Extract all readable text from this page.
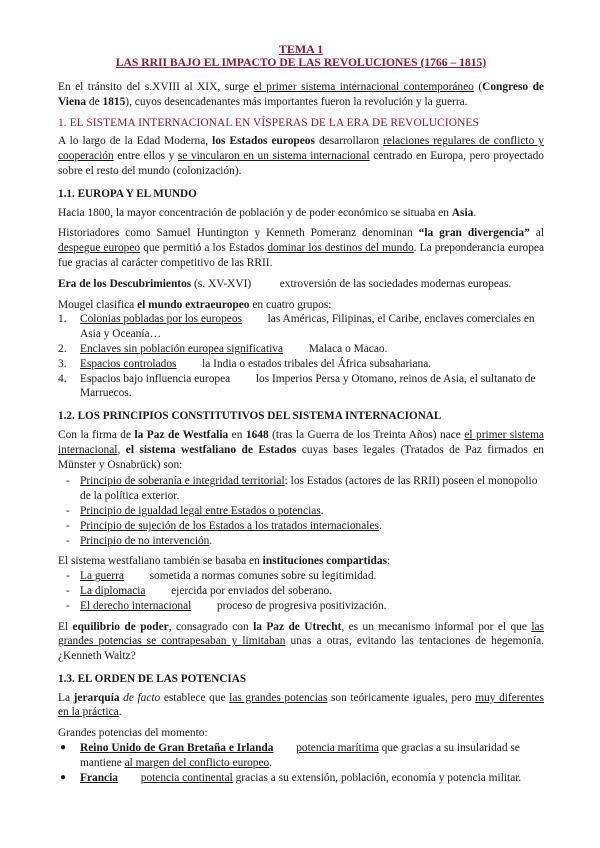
TEMA 1
LAS RRII BAJO EL IMPACTO DE LAS REVOLUCIONES (1766 – 1815)

En el tránsito del s.XVIII al XIX, surge el primer sistema internacional contemporáneo (Congreso de Viena de 1815), cuyos desencadenantes más importantes fueron la revolución y la guerra.

1. EL SISTEMA INTERNACIONAL EN VÍSPERAS DE LA ERA DE REVOLUCIONES

A lo largo de la Edad Moderna, los Estados europeos desarrollaron relaciones regulares de conflicto y cooperación entre ellos y se vincularon en un sistema internacional centrado en Europa, pero proyectado sobre el resto del mundo (colonización).

1.1. EUROPA Y EL MUNDO

Hacia 1800, la mayor concentración de población y de poder económico se situaba en Asia.

Historiadores como Samuel Huntington y Kenneth Pomeranz denominan “la gran divergencia” al despegue europeo que permitió a los Estados dominar los destinos del mundo. La preponderancia europea fue gracias al carácter competitivo de las RRII.

Era de los Descubrimientos (s. XV-XVI)  extroversión de las sociedades modernas europeas.

Mougel clasifica el mundo extraeuropeo en cuatro grupos:

1. Colonias pobladas por los europeos las Américas, Filipinas, el Caribe, enclaves comerciales en Asia y Oceanía…
2. Enclaves sin población europea significativa Malaca o Macao.
3. Espacios controlados la India o estados tribales del África subsahariana.
4. Espacios bajo influencia europea los Imperios Persa y Otomano, reinos de Asia, el sultanato de Marruecos.
1.2. LOS PRINCIPIOS CONSTITUTIVOS DEL SISTEMA INTERNACIONAL

Con la firma de la Paz de Westfalia en 1648 (tras la Guerra de los Treinta Años) nace el primer sistema internacional, el sistema westfaliano de Estados cuyas bases legales (Tratados de Paz firmados en Münster y Osnabrück) son:

- Principio de soberanía e integridad territorial: los Estados (actores de las RRII) poseen el monopolio de la política exterior.
- Principio de igualdad legal entre Estados o potencias.
- Principio de sujeción de los Estados a los tratados internacionales.
- Principio de no intervención.

El sistema westfaliano también se basaba en instituciones compartidas:

- La guerra sometida a normas comunes sobre su legitimidad.
- La diplomacia ejercida por enviados del soberano.
- El derecho internacional proceso de progresiva positivización.

El equilibrio de poder, consagrado con la Paz de Utrecht, es un mecanismo informal por el que las grandes potencias se contrapesaban y limitaban unas a otras, evitando las tentaciones de hegemonía. ¿Kenneth Waltz?

1.3. EL ORDEN DE LAS POTENCIAS

La jerarquía de facto establece que las grandes potencias son teóricamente iguales, pero muy diferentes en la práctica.

Grandes potencias del momento:

● Reino Unido de Gran Bretaña e Irlanda potencia marítima que gracias a su insularidad se mantiene al margen del conflicto europeo.
● Francia potencia continental gracias a su extensión, población, economía y potencia militar.
